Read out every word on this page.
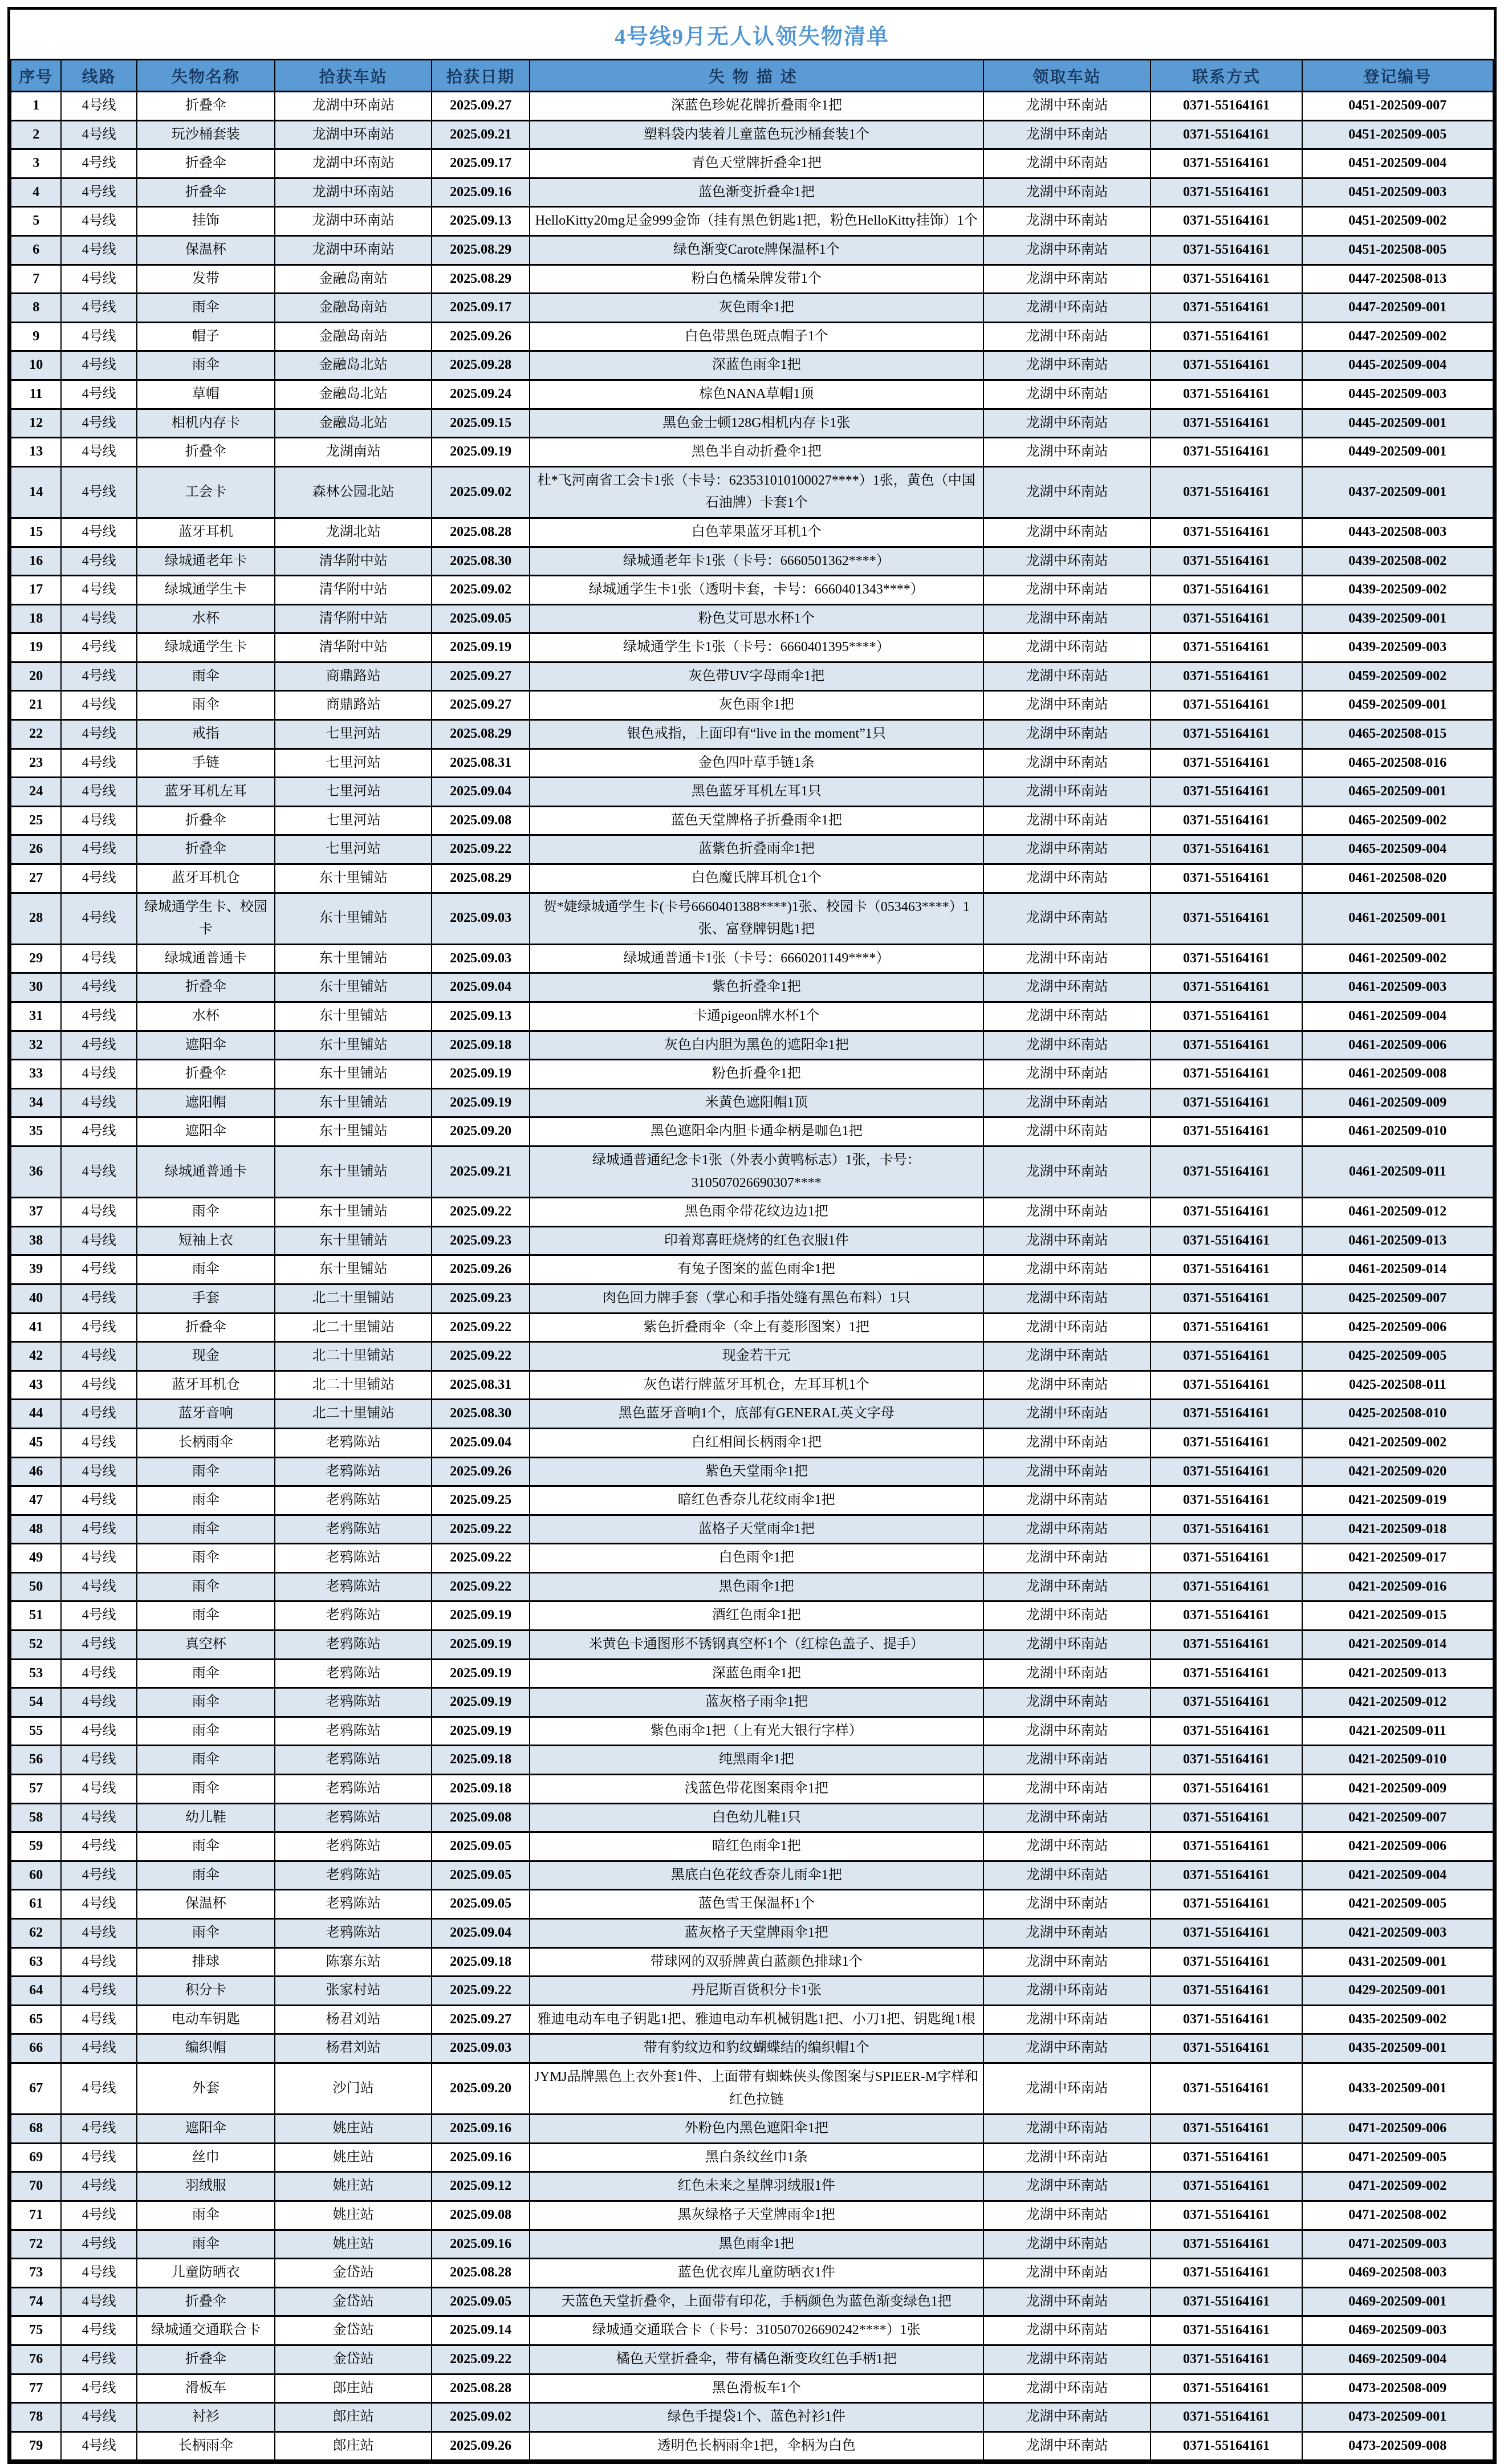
4号线9月无人认领失物清单
序号	线路	失物名称	拾获车站	拾获日期	失物描述	领取车站	联系方式	登记编号
1	4号线	折叠伞	龙湖中环南站	2025.09.27	深蓝色珍妮花牌折叠雨伞1把	龙湖中环南站	0371-55164161	0451-202509-007
2	4号线	玩沙桶套装	龙湖中环南站	2025.09.21	塑料袋内装着儿童蓝色玩沙桶套装1个	龙湖中环南站	0371-55164161	0451-202509-005
3	4号线	折叠伞	龙湖中环南站	2025.09.17	青色天堂牌折叠伞1把	龙湖中环南站	0371-55164161	0451-202509-004
4	4号线	折叠伞	龙湖中环南站	2025.09.16	蓝色渐变折叠伞1把	龙湖中环南站	0371-55164161	0451-202509-003
5	4号线	挂饰	龙湖中环南站	2025.09.13	HelloKitty20mg足金999金饰（挂有黑色钥匙1把，粉色HelloKitty挂饰）1个	龙湖中环南站	0371-55164161	0451-202509-002
6	4号线	保温杯	龙湖中环南站	2025.08.29	绿色渐变Carote牌保温杯1个	龙湖中环南站	0371-55164161	0451-202508-005
7	4号线	发带	金融岛南站	2025.08.29	粉白色橘朵牌发带1个	龙湖中环南站	0371-55164161	0447-202508-013
8	4号线	雨伞	金融岛南站	2025.09.17	灰色雨伞1把	龙湖中环南站	0371-55164161	0447-202509-001
9	4号线	帽子	金融岛南站	2025.09.26	白色带黑色斑点帽子1个	龙湖中环南站	0371-55164161	0447-202509-002
10	4号线	雨伞	金融岛北站	2025.09.28	深蓝色雨伞1把	龙湖中环南站	0371-55164161	0445-202509-004
11	4号线	草帽	金融岛北站	2025.09.24	棕色NANA草帽1顶	龙湖中环南站	0371-55164161	0445-202509-003
12	4号线	相机内存卡	金融岛北站	2025.09.15	黑色金士顿128G相机内存卡1张	龙湖中环南站	0371-55164161	0445-202509-001
13	4号线	折叠伞	龙湖南站	2025.09.19	黑色半自动折叠伞1把	龙湖中环南站	0371-55164161	0449-202509-001
14	4号线	工会卡	森林公园北站	2025.09.02	杜*飞河南省工会卡1张（卡号：623531010100027****）1张，黄色（中国石油牌）卡套1个	龙湖中环南站	0371-55164161	0437-202509-001
15	4号线	蓝牙耳机	龙湖北站	2025.08.28	白色苹果蓝牙耳机1个	龙湖中环南站	0371-55164161	0443-202508-003
16	4号线	绿城通老年卡	清华附中站	2025.08.30	绿城通老年卡1张（卡号：6660501362****）	龙湖中环南站	0371-55164161	0439-202508-002
17	4号线	绿城通学生卡	清华附中站	2025.09.02	绿城通学生卡1张（透明卡套，卡号：6660401343****）	龙湖中环南站	0371-55164161	0439-202509-002
18	4号线	水杯	清华附中站	2025.09.05	粉色艾可思水杯1个	龙湖中环南站	0371-55164161	0439-202509-001
19	4号线	绿城通学生卡	清华附中站	2025.09.19	绿城通学生卡1张（卡号：6660401395****）	龙湖中环南站	0371-55164161	0439-202509-003
20	4号线	雨伞	商鼎路站	2025.09.27	灰色带UV字母雨伞1把	龙湖中环南站	0371-55164161	0459-202509-002
21	4号线	雨伞	商鼎路站	2025.09.27	灰色雨伞1把	龙湖中环南站	0371-55164161	0459-202509-001
22	4号线	戒指	七里河站	2025.08.29	银色戒指，上面印有“live in the moment”1只	龙湖中环南站	0371-55164161	0465-202508-015
23	4号线	手链	七里河站	2025.08.31	金色四叶草手链1条	龙湖中环南站	0371-55164161	0465-202508-016
24	4号线	蓝牙耳机左耳	七里河站	2025.09.04	黑色蓝牙耳机左耳1只	龙湖中环南站	0371-55164161	0465-202509-001
25	4号线	折叠伞	七里河站	2025.09.08	蓝色天堂牌格子折叠雨伞1把	龙湖中环南站	0371-55164161	0465-202509-002
26	4号线	折叠伞	七里河站	2025.09.22	蓝紫色折叠雨伞1把	龙湖中环南站	0371-55164161	0465-202509-004
27	4号线	蓝牙耳机仓	东十里铺站	2025.08.29	白色魔氏牌耳机仓1个	龙湖中环南站	0371-55164161	0461-202508-020
28	4号线	绿城通学生卡、校园卡	东十里铺站	2025.09.03	贺*婕绿城通学生卡(卡号6660401388****)1张、校园卡（053463****）1张、富登牌钥匙1把	龙湖中环南站	0371-55164161	0461-202509-001
29	4号线	绿城通普通卡	东十里铺站	2025.09.03	绿城通普通卡1张（卡号：6660201149****）	龙湖中环南站	0371-55164161	0461-202509-002
30	4号线	折叠伞	东十里铺站	2025.09.04	紫色折叠伞1把	龙湖中环南站	0371-55164161	0461-202509-003
31	4号线	水杯	东十里铺站	2025.09.13	卡通pigeon牌水杯1个	龙湖中环南站	0371-55164161	0461-202509-004
32	4号线	遮阳伞	东十里铺站	2025.09.18	灰色白内胆为黑色的遮阳伞1把	龙湖中环南站	0371-55164161	0461-202509-006
33	4号线	折叠伞	东十里铺站	2025.09.19	粉色折叠伞1把	龙湖中环南站	0371-55164161	0461-202509-008
34	4号线	遮阳帽	东十里铺站	2025.09.19	米黄色遮阳帽1顶	龙湖中环南站	0371-55164161	0461-202509-009
35	4号线	遮阳伞	东十里铺站	2025.09.20	黑色遮阳伞内胆卡通伞柄是咖色1把	龙湖中环南站	0371-55164161	0461-202509-010
36	4号线	绿城通普通卡	东十里铺站	2025.09.21	绿城通普通纪念卡1张（外表小黄鸭标志）1张，卡号：310507026690307****	龙湖中环南站	0371-55164161	0461-202509-011
37	4号线	雨伞	东十里铺站	2025.09.22	黑色雨伞带花纹边边1把	龙湖中环南站	0371-55164161	0461-202509-012
38	4号线	短袖上衣	东十里铺站	2025.09.23	印着郑喜旺烧烤的红色衣服1件	龙湖中环南站	0371-55164161	0461-202509-013
39	4号线	雨伞	东十里铺站	2025.09.26	有兔子图案的蓝色雨伞1把	龙湖中环南站	0371-55164161	0461-202509-014
40	4号线	手套	北二十里铺站	2025.09.23	肉色回力牌手套（掌心和手指处缝有黑色布料）1只	龙湖中环南站	0371-55164161	0425-202509-007
41	4号线	折叠伞	北二十里铺站	2025.09.22	紫色折叠雨伞（伞上有菱形图案）1把	龙湖中环南站	0371-55164161	0425-202509-006
42	4号线	现金	北二十里铺站	2025.09.22	现金若干元	龙湖中环南站	0371-55164161	0425-202509-005
43	4号线	蓝牙耳机仓	北二十里铺站	2025.08.31	灰色诺行牌蓝牙耳机仓，左耳耳机1个	龙湖中环南站	0371-55164161	0425-202508-011
44	4号线	蓝牙音响	北二十里铺站	2025.08.30	黑色蓝牙音响1个，底部有GENERAL英文字母	龙湖中环南站	0371-55164161	0425-202508-010
45	4号线	长柄雨伞	老鸦陈站	2025.09.04	白红相间长柄雨伞1把	龙湖中环南站	0371-55164161	0421-202509-002
46	4号线	雨伞	老鸦陈站	2025.09.26	紫色天堂雨伞1把	龙湖中环南站	0371-55164161	0421-202509-020
47	4号线	雨伞	老鸦陈站	2025.09.25	暗红色香奈儿花纹雨伞1把	龙湖中环南站	0371-55164161	0421-202509-019
48	4号线	雨伞	老鸦陈站	2025.09.22	蓝格子天堂雨伞1把	龙湖中环南站	0371-55164161	0421-202509-018
49	4号线	雨伞	老鸦陈站	2025.09.22	白色雨伞1把	龙湖中环南站	0371-55164161	0421-202509-017
50	4号线	雨伞	老鸦陈站	2025.09.22	黑色雨伞1把	龙湖中环南站	0371-55164161	0421-202509-016
51	4号线	雨伞	老鸦陈站	2025.09.19	酒红色雨伞1把	龙湖中环南站	0371-55164161	0421-202509-015
52	4号线	真空杯	老鸦陈站	2025.09.19	米黄色卡通图形不锈钢真空杯1个（红棕色盖子、提手）	龙湖中环南站	0371-55164161	0421-202509-014
53	4号线	雨伞	老鸦陈站	2025.09.19	深蓝色雨伞1把	龙湖中环南站	0371-55164161	0421-202509-013
54	4号线	雨伞	老鸦陈站	2025.09.19	蓝灰格子雨伞1把	龙湖中环南站	0371-55164161	0421-202509-012
55	4号线	雨伞	老鸦陈站	2025.09.19	紫色雨伞1把（上有光大银行字样）	龙湖中环南站	0371-55164161	0421-202509-011
56	4号线	雨伞	老鸦陈站	2025.09.18	纯黑雨伞1把	龙湖中环南站	0371-55164161	0421-202509-010
57	4号线	雨伞	老鸦陈站	2025.09.18	浅蓝色带花图案雨伞1把	龙湖中环南站	0371-55164161	0421-202509-009
58	4号线	幼儿鞋	老鸦陈站	2025.09.08	白色幼儿鞋1只	龙湖中环南站	0371-55164161	0421-202509-007
59	4号线	雨伞	老鸦陈站	2025.09.05	暗红色雨伞1把	龙湖中环南站	0371-55164161	0421-202509-006
60	4号线	雨伞	老鸦陈站	2025.09.05	黑底白色花纹香奈儿雨伞1把	龙湖中环南站	0371-55164161	0421-202509-004
61	4号线	保温杯	老鸦陈站	2025.09.05	蓝色雪王保温杯1个	龙湖中环南站	0371-55164161	0421-202509-005
62	4号线	雨伞	老鸦陈站	2025.09.04	蓝灰格子天堂牌雨伞1把	龙湖中环南站	0371-55164161	0421-202509-003
63	4号线	排球	陈寨东站	2025.09.18	带球网的双骄牌黄白蓝颜色排球1个	龙湖中环南站	0371-55164161	0431-202509-001
64	4号线	积分卡	张家村站	2025.09.22	丹尼斯百货积分卡1张	龙湖中环南站	0371-55164161	0429-202509-001
65	4号线	电动车钥匙	杨君刘站	2025.09.27	雅迪电动车电子钥匙1把、雅迪电动车机械钥匙1把、小刀1把、钥匙绳1根	龙湖中环南站	0371-55164161	0435-202509-002
66	4号线	编织帽	杨君刘站	2025.09.03	带有豹纹边和豹纹蝴蝶结的编织帽1个	龙湖中环南站	0371-55164161	0435-202509-001
67	4号线	外套	沙门站	2025.09.20	JYMJ品牌黑色上衣外套1件、上面带有蜘蛛侠头像图案与SPIEER-M字样和红色拉链	龙湖中环南站	0371-55164161	0433-202509-001
68	4号线	遮阳伞	姚庄站	2025.09.16	外粉色内黑色遮阳伞1把	龙湖中环南站	0371-55164161	0471-202509-006
69	4号线	丝巾	姚庄站	2025.09.16	黑白条纹丝巾1条	龙湖中环南站	0371-55164161	0471-202509-005
70	4号线	羽绒服	姚庄站	2025.09.12	红色未来之星牌羽绒服1件	龙湖中环南站	0371-55164161	0471-202509-002
71	4号线	雨伞	姚庄站	2025.09.08	黑灰绿格子天堂牌雨伞1把	龙湖中环南站	0371-55164161	0471-202508-002
72	4号线	雨伞	姚庄站	2025.09.16	黑色雨伞1把	龙湖中环南站	0371-55164161	0471-202509-003
73	4号线	儿童防晒衣	金岱站	2025.08.28	蓝色优衣库儿童防晒衣1件	龙湖中环南站	0371-55164161	0469-202508-003
74	4号线	折叠伞	金岱站	2025.09.05	天蓝色天堂折叠伞，上面带有印花，手柄颜色为蓝色渐变绿色1把	龙湖中环南站	0371-55164161	0469-202509-001
75	4号线	绿城通交通联合卡	金岱站	2025.09.14	绿城通交通联合卡（卡号：310507026690242****）1张	龙湖中环南站	0371-55164161	0469-202509-003
76	4号线	折叠伞	金岱站	2025.09.22	橘色天堂折叠伞，带有橘色渐变玫红色手柄1把	龙湖中环南站	0371-55164161	0469-202509-004
77	4号线	滑板车	郎庄站	2025.08.28	黑色滑板车1个	龙湖中环南站	0371-55164161	0473-202508-009
78	4号线	衬衫	郎庄站	2025.09.02	绿色手提袋1个、蓝色衬衫1件	龙湖中环南站	0371-55164161	0473-202509-001
79	4号线	长柄雨伞	郎庄站	2025.09.26	透明色长柄雨伞1把，伞柄为白色	龙湖中环南站	0371-55164161	0473-202509-008
